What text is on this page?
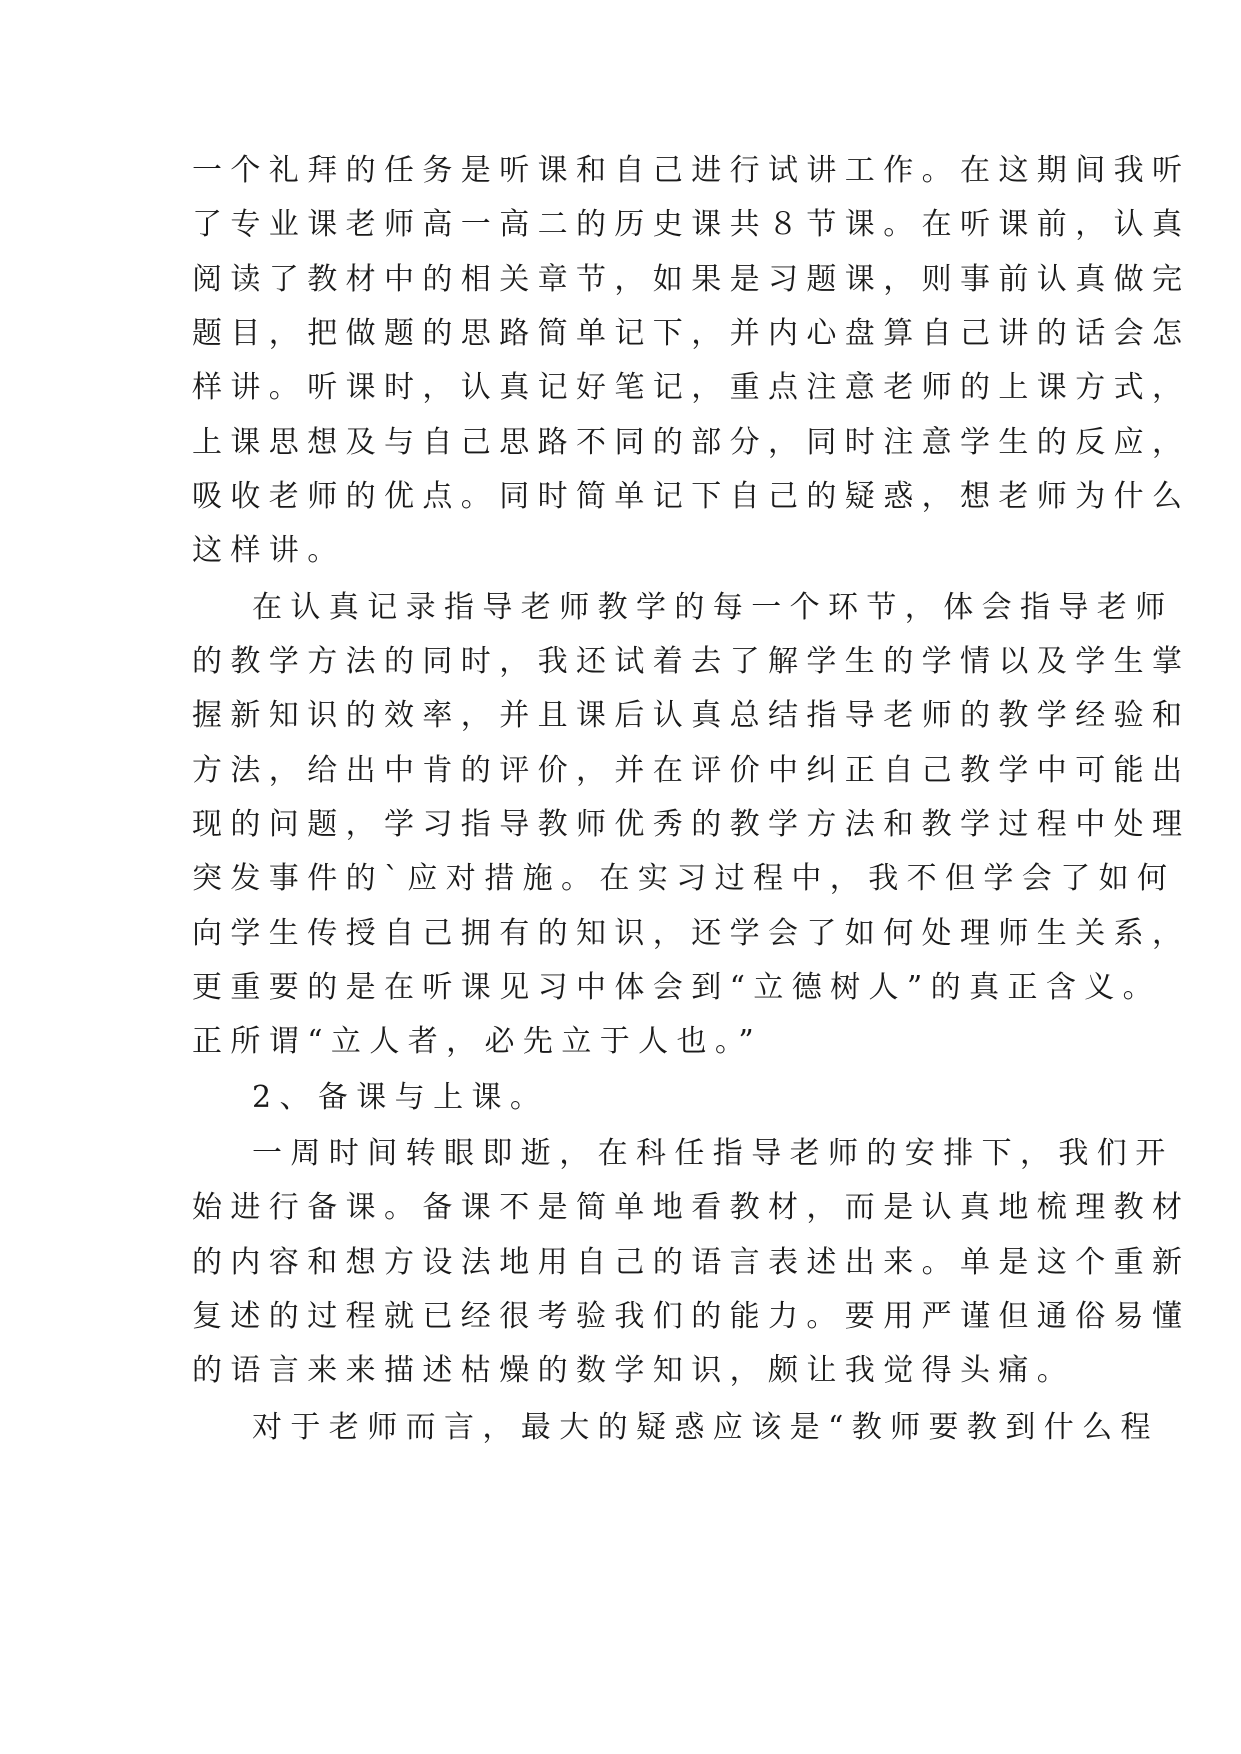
一个礼拜的任务是听课和自己进行试讲工作。在这期间我听
了专业课老师高一高二的历史课共８节课。在听课前，认真
阅读了教材中的相关章节，如果是习题课，则事前认真做完
题目，把做题的思路简单记下，并内心盘算自己讲的话会怎
样讲。听课时，认真记好笔记，重点注意老师的上课方式，
上课思想及与自己思路不同的部分，同时注意学生的反应，
吸收老师的优点。同时简单记下自己的疑惑，想老师为什么
这样讲。
在认真记录指导老师教学的每一个环节，体会指导老师
的教学方法的同时，我还试着去了解学生的学情以及学生掌
握新知识的效率，并且课后认真总结指导老师的教学经验和
方法，给出中肯的评价，并在评价中纠正自己教学中可能出
现的问题，学习指导教师优秀的教学方法和教学过程中处理
突发事件的`应对措施。在实习过程中，我不但学会了如何
向学生传授自己拥有的知识，还学会了如何处理师生关系，
更重要的是在听课见习中体会到“立德树人”的真正含义。
正所谓“立人者，必先立于人也。”
2、备课与上课。
一周时间转眼即逝，在科任指导老师的安排下，我们开
始进行备课。备课不是简单地看教材，而是认真地梳理教材
的内容和想方设法地用自己的语言表述出来。单是这个重新
复述的过程就已经很考验我们的能力。要用严谨但通俗易懂
的语言来来描述枯燥的数学知识，颇让我觉得头痛。
对于老师而言，最大的疑惑应该是“教师要教到什么程
